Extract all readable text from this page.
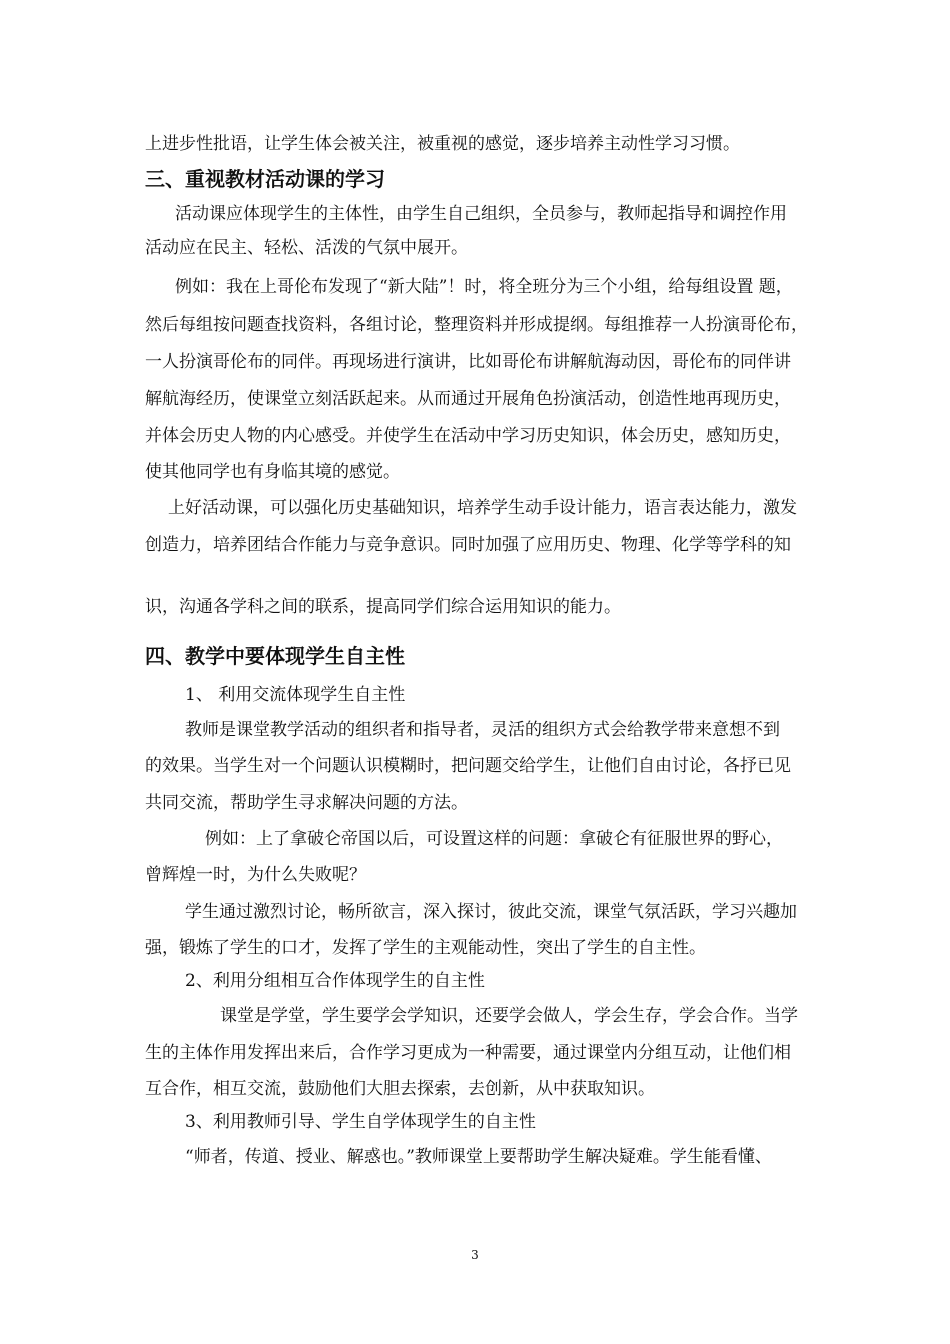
上进步性批语，让学生体会被关注，被重视的感觉，逐步培养主动性学习习惯。
三、重视教材活动课的学习
活动课应体现学生的主体性，由学生自己组织，全员参与，教师起指导和调控作用
活动应在民主、轻松、活泼的气氛中展开。
例如：我在上哥伦布发现了“新大陆”！时，将全班分为三个小组，给每组设置 题，
然后每组按问题查找资料，各组讨论，整理资料并形成提纲。每组推荐一人扮演哥伦布，
一人扮演哥伦布的同伴。再现场进行演讲，比如哥伦布讲解航海动因，哥伦布的同伴讲
解航海经历，使课堂立刻活跃起来。从而通过开展角色扮演活动，创造性地再现历史，
并体会历史人物的内心感受。并使学生在活动中学习历史知识，体会历史，感知历史，
使其他同学也有身临其境的感觉。
上好活动课，可以强化历史基础知识，培养学生动手设计能力，语言表达能力，激发
创造力，培养团结合作能力与竞争意识。同时加强了应用历史、物理、化学等学科的知
识，沟通各学科之间的联系，提高同学们综合运用知识的能力。
四、教学中要体现学生自主性
1、 利用交流体现学生自主性
教师是课堂教学活动的组织者和指导者，灵活的组织方式会给教学带来意想不到
的效果。当学生对一个问题认识模糊时，把问题交给学生，让他们自由讨论，各抒已见
共同交流，帮助学生寻求解决问题的方法。
例如：上了拿破仑帝国以后，可设置这样的问题：拿破仑有征服世界的野心，
曾辉煌一时，为什么失败呢？
学生通过激烈讨论，畅所欲言，深入探讨，彼此交流，课堂气氛活跃，学习兴趣加
强，锻炼了学生的口才，发挥了学生的主观能动性，突出了学生的自主性。
2、利用分组相互合作体现学生的自主性
课堂是学堂，学生要学会学知识，还要学会做人，学会生存，学会合作。当学
生的主体作用发挥出来后，合作学习更成为一种需要，通过课堂内分组互动，让他们相
互合作，相互交流，鼓励他们大胆去探索，去创新，从中获取知识。
3、利用教师引导、学生自学体现学生的自主性
“师者，传道、授业、解惑也。”教师课堂上要帮助学生解决疑难。学生能看懂、
3
